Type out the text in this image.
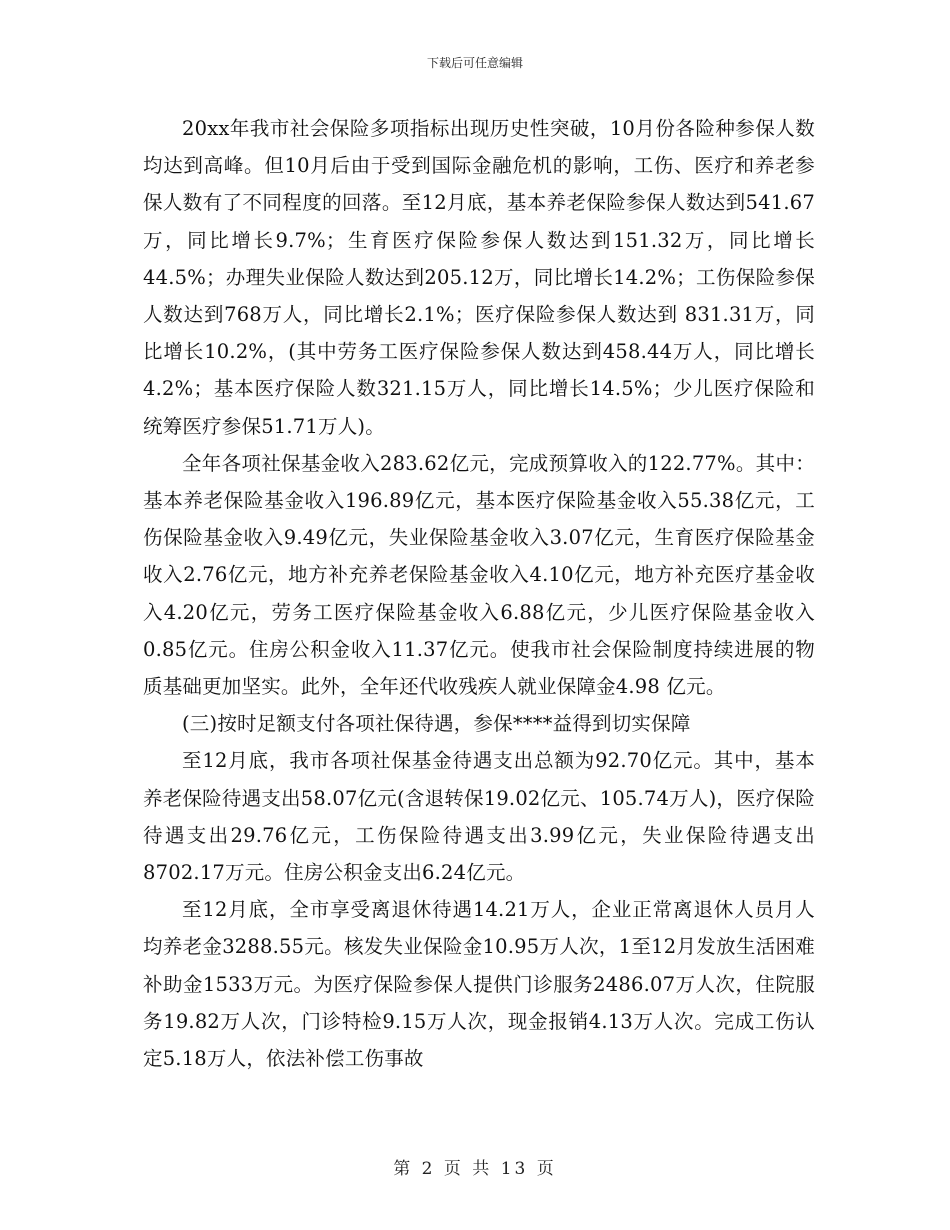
下载后可任意编辑

20xx年我市社会保险多项指标出现历史性突破，10月份各险种参保人数均达到高峰。但10月后由于受到国际金融危机的影响，工伤、医疗和养老参保人数有了不同程度的回落。至12月底，基本养老保险参保人数达到541.67万，同比增长9.7%；生育医疗保险参保人数达到151.32万，同比增长 44.5%；办理失业保险人数达到205.12万，同比增长14.2%；工伤保险参保人数达到768万人，同比增长2.1%；医疗保险参保人数达到 831.31万，同比增长10.2%，(其中劳务工医疗保险参保人数达到458.44万人，同比增长4.2%；基本医疗保险人数321.15万人，同比增长14.5%；少儿医疗保险和统筹医疗参保51.71万人)。

全年各项社保基金收入283.62亿元，完成预算收入的122.77%。其中：基本养老保险基金收入196.89亿元，基本医疗保险基金收入55.38亿元，工伤保险基金收入9.49亿元，失业保险基金收入3.07亿元，生育医疗保险基金收入2.76亿元，地方补充养老保险基金收入4.10亿元，地方补充医疗基金收入4.20亿元，劳务工医疗保险基金收入6.88亿元，少儿医疗保险基金收入0.85亿元。住房公积金收入11.37亿元。使我市社会保险制度持续进展的物质基础更加坚实。此外，全年还代收残疾人就业保障金4.98 亿元。

(三)按时足额支付各项社保待遇，参保****益得到切实保障

至12月底，我市各项社保基金待遇支出总额为92.70亿元。其中，基本养老保险待遇支出58.07亿元(含退转保19.02亿元、105.74万人)，医疗保险待遇支出29.76亿元，工伤保险待遇支出3.99亿元，失业保险待遇支出8702.17万元。住房公积金支出6.24亿元。

至12月底，全市享受离退休待遇14.21万人，企业正常离退休人员月人均养老金3288.55元。核发失业保险金10.95万人次，1至12月发放生活困难补助金1533万元。为医疗保险参保人提供门诊服务2486.07万人次，住院服务19.82万人次，门诊特检9.15万人次，现金报销4.13万人次。完成工伤认定5.18万人，依法补偿工伤事故

第 2 页 共 13 页
